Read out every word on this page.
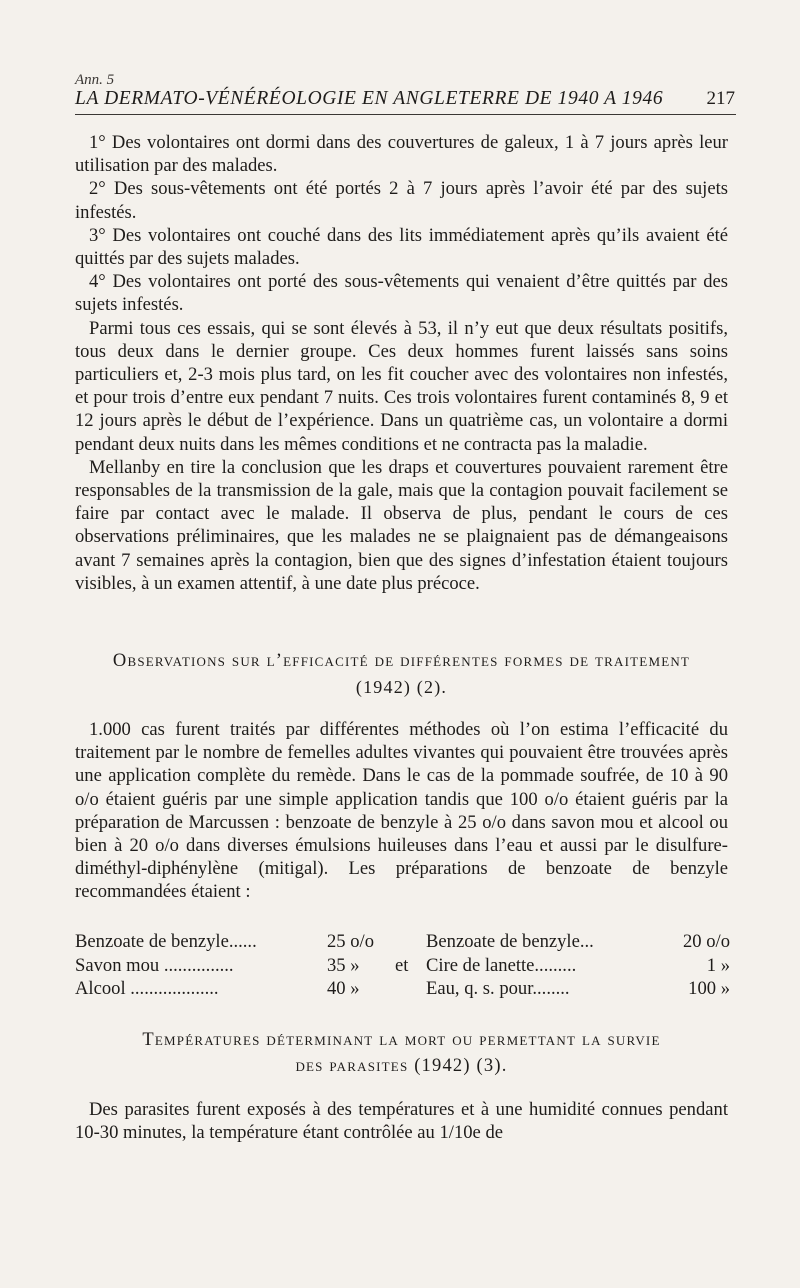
Ann. 5
LA DERMATO-VÉNÉRÉOLOGIE EN ANGLETERRE DE 1940 A 1946 217

1° Des volontaires ont dormi dans des couvertures de galeux, 1 à 7 jours après leur utilisation par des malades.

2° Des sous-vêtements ont été portés 2 à 7 jours après l’avoir été par des sujets infestés.

3° Des volontaires ont couché dans des lits immédiatement après qu’ils avaient été quittés par des sujets malades.

4° Des volontaires ont porté des sous-vêtements qui venaient d’être quittés par des sujets infestés.

Parmi tous ces essais, qui se sont élevés à 53, il n’y eut que deux résultats positifs, tous deux dans le dernier groupe. Ces deux hommes furent laissés sans soins particuliers et, 2-3 mois plus tard, on les fit coucher avec des volontaires non infestés, et pour trois d’entre eux pendant 7 nuits. Ces trois volontaires furent contaminés 8, 9 et 12 jours après le début de l’expérience. Dans un quatrième cas, un volontaire a dormi pendant deux nuits dans les mêmes conditions et ne contracta pas la maladie.

Mellanby en tire la conclusion que les draps et couvertures pouvaient rarement être responsables de la transmission de la gale, mais que la contagion pouvait facilement se faire par contact avec le malade. Il observa de plus, pendant le cours de ces observations préliminaires, que les malades ne se plaignaient pas de démangeaisons avant 7 semaines après la contagion, bien que des signes d’infestation étaient toujours visibles, à un examen attentif, à une date plus précoce.

Observations sur l’efficacité de différentes formes de traitement
(1942) (2).

1.000 cas furent traités par différentes méthodes où l’on estima l’efficacité du traitement par le nombre de femelles adultes vivantes qui pouvaient être trouvées après une application complète du remède. Dans le cas de la pommade soufrée, de 10 à 90 o/o étaient guéris par une simple application tandis que 100 o/o étaient guéris par la préparation de Marcussen : benzoate de benzyle à 25 o/o dans savon mou et alcool ou bien à 20 o/o dans diverses émulsions huileuses dans l’eau et aussi par le disulfure-diméthyl-diphénylène (mitigal). Les préparations de benzoate de benzyle recommandées étaient :

Benzoate de benzyle......	25 o/o	Benzoate de benzyle...	20 o/o
Savon mou ...............	35 » et Cire de lanette.........	1 »
Alcool ...................	40 »	Eau, q. s. pour........	100 »
Températures déterminant la mort ou permettant la survie
des parasites (1942) (3).

Des parasites furent exposés à des températures et à une humidité connues pendant 10-30 minutes, la température étant contrôlée au 1/10e de
